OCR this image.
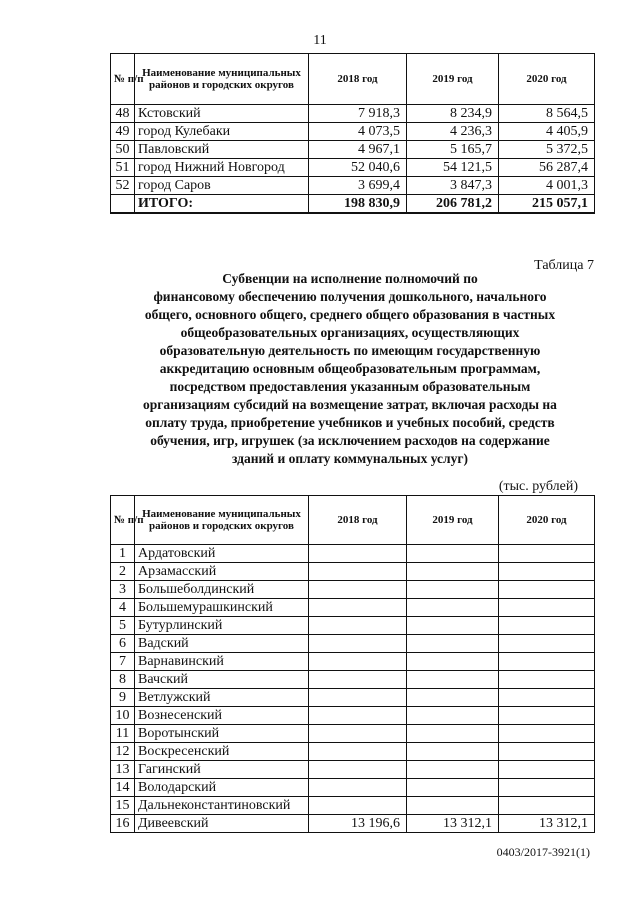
11
№ п/п	Наименование муниципальных районов и городских округов	2018 год	2019 год	2020 год
48	Кстовский	7 918,3	8 234,9	8 564,5
49	город Кулебаки	4 073,5	4 236,3	4 405,9
50	Павловский	4 967,1	5 165,7	5 372,5
51	город Нижний Новгород	52 040,6	54 121,5	56 287,4
52	город Саров	3 699,4	3 847,3	4 001,3
	ИТОГО:	198 830,9	206 781,2	215 057,1
Таблица 7
Субвенции на исполнение полномочий по
финансовому обеспечению получения дошкольного, начального
общего, основного общего, среднего общего образования в частных
общеобразовательных организациях, осуществляющих
образовательную деятельность по имеющим государственную
аккредитацию основным общеобразовательным программам,
посредством предоставления указанным образовательным
организациям субсидий на возмещение затрат, включая расходы на
оплату труда, приобретение учебников и учебных пособий, средств
обучения, игр, игрушек (за исключением расходов на содержание
зданий и оплату коммунальных услуг)
(тыс. рублей)
№ п/п	Наименование муниципальных районов и городских округов	2018 год	2019 год	2020 год
1	Ардатовский			
2	Арзамасский			
3	Большеболдинский			
4	Большемурашкинский			
5	Бутурлинский			
6	Вадский			
7	Варнавинский			
8	Вачский			
9	Ветлужский			
10	Вознесенский			
11	Воротынский			
12	Воскресенский			
13	Гагинский			
14	Володарский			
15	Дальнеконстантиновский			
16	Дивеевский	13 196,6	13 312,1	13 312,1
0403/2017-3921(1)
